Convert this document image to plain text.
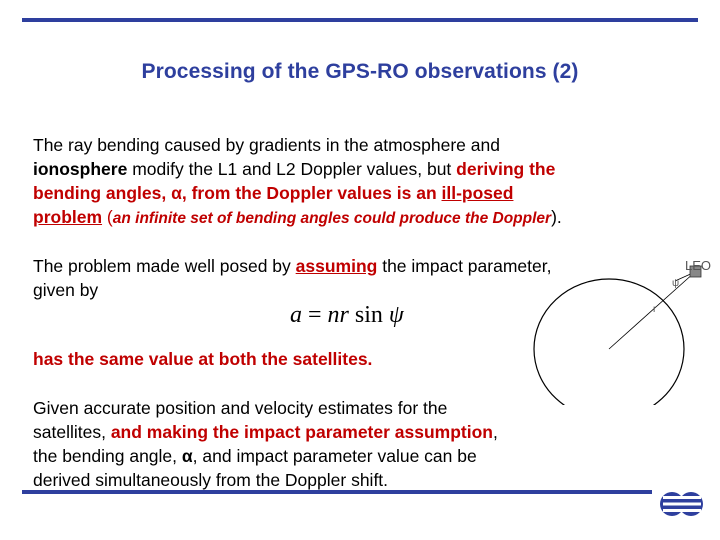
Processing of the GPS-RO observations (2)

The ray bending caused by gradients in the atmosphere and
ionosphere modify the L1 and L2 Doppler values, but deriving the
bending angles, α, from the Doppler values is an ill-posed
problem (an infinite set of bending angles could produce the Doppler).

The problem made well posed by assuming the impact parameter,
given by

a = nr sin ψ

has the same value at both the satellites.

Given accurate position and velocity estimates for the
satellites, and making the impact parameter assumption,
the bending angle, α, and impact parameter value can be
derived simultaneously from the Doppler shift.

LEO
ψ
r
